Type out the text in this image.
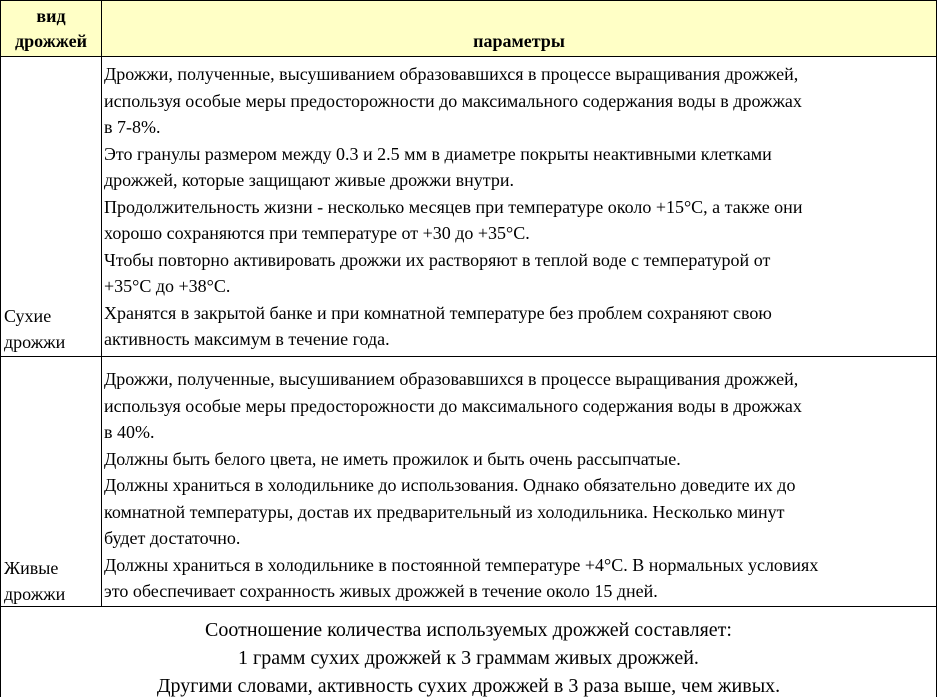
вид
дрожжей	параметры
Сухие
дрожжи

Дрожжи, полученные, высушиванием образовавшихся в процессе выращивания дрожжей,

используя особые меры предосторожности до максимального содержания воды в дрожжах

в 7-8%.

Это гранулы размером между 0.3 и 2.5 мм в диаметре покрыты неактивными клетками

дрожжей, которые защищают живые дрожжи внутри.

Продолжительность жизни - несколько месяцев при температуре около +15°C, а также они

хорошо сохраняются при температуре от +30 до +35°C.

Чтобы повторно активировать дрожжи их растворяют в теплой воде с температурой от

+35°C до +38°C.

Хранятся в закрытой банке и при комнатной температуре без проблем сохраняют свою

активность максимум в течение года.

Живые
дрожжи

Дрожжи, полученные, высушиванием образовавшихся в процессе выращивания дрожжей,

используя особые меры предосторожности до максимального содержания воды в дрожжах

в 40%.

Должны быть белого цвета, не иметь прожилок и быть очень рассыпчатые.

Должны храниться в холодильнике до использования. Однако обязательно доведите их до

комнатной температуры, достав их предварительный из холодильника. Несколько минут

будет достаточно.

Должны храниться в холодильнике в постоянной температуре +4°C. В нормальных условиях

это обеспечивает сохранность живых дрожжей в течение около 15 дней.

Соотношение количества используемых дрожжей составляет:

1 грамм сухих дрожжей к 3 граммам живых дрожжей.

Другими словами, активность сухих дрожжей в 3 раза выше, чем живых.
